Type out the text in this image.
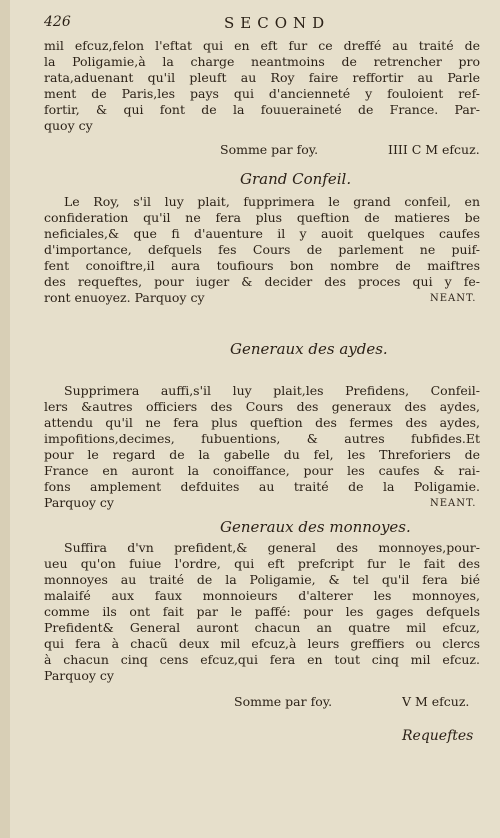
426	SECOND
mil efcuz,felon l'eftat qui en eft fur ce dreffé au traité de
la Poligamie,à la charge neantmoins de retrencher pro
rata,aduenant qu'il pleuft au Roy faire reffortir au Parle
ment de Paris,les pays qui d'ancienneté y fouloient ref-
fortir, & qui font de la fouueraineté de France. Par-
quoy cy
Somme par foy.	IIII C M efcuz.
Grand Confeil.
Le Roy, s'il luy plait, fupprimera le grand confeil, en
confideration qu'il ne fera plus queftion de matieres be
neficiales,& que fi d'auenture il y auoit quelques caufes
d'importance, defquels fes Cours de parlement ne puif-
fent conoiftre,il aura toufiours bon nombre de maiftres
des requeftes, pour iuger & decider des proces qui y fe-
ront enuoyez. Parquoy cy	NEANT.
Generaux des aydes.
Supprimera auffi,s'il luy plait,les Prefidens, Confeil-
lers &autres officiers des Cours des generaux des aydes,
attendu qu'il ne fera plus queftion des fermes des aydes,
impofitions,decimes, fubuentions, & autres fubfides.Et
pour le regard de la gabelle du fel, les Threforiers de
France en auront la conoiffance, pour les caufes & rai-
fons amplement defduites au traité de la Poligamie.
Parquoy cy	NEANT.
Generaux des monnoyes.
Suffira d'vn prefident,& general des monnoyes,pour-
ueu qu'on fuiue l'ordre, qui eft prefcript fur le fait des
monnoyes au traité de la Poligamie, & tel qu'il fera bié
malaifé aux faux monnoieurs d'alterer les monnoyes,
comme ils ont fait par le paffé: pour les gages defquels
Prefident& General auront chacun an quatre mil efcuz,
qui fera à chacũ deux mil efcuz,à leurs greffiers ou clercs
à chacun cinq cens efcuz,qui fera en tout cinq mil efcuz.
Parquoy cy
Somme par foy.	V M efcuz.
Requeftes
